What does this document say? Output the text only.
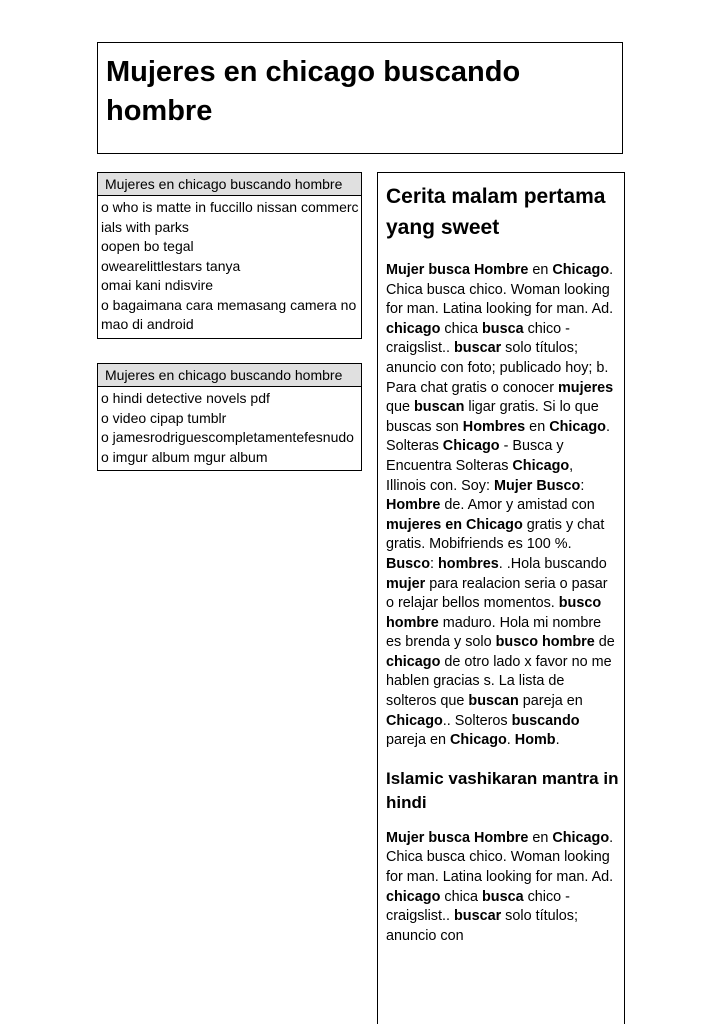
Mujeres en chicago buscando hombre
Mujeres en chicago buscando hombre
o who is matte in fuccillo nissan commercials with parks
oopen bo tegal
owearelittlestars tanya
omai kani ndisvire
o bagaimana cara memasang camera nomao di android
Mujeres en chicago buscando hombre
o hindi detective novels pdf
o video cipap tumblr
o jamesrodriguescompletamentefesnudo
o imgur album mgur album
Cerita malam pertama yang sweet

Mujer busca Hombre en Chicago. Chica busca chico. Woman looking for man. Latina looking for man. Ad. chicago chica busca chico - craigslist.. buscar solo títulos; anuncio con foto; publicado hoy; b. Para chat gratis o conocer mujeres que buscan ligar gratis. Si lo que buscas son Hombres en Chicago. Solteras Chicago - Busca y Encuentra Solteras Chicago, Illinois con. Soy: Mujer Busco: Hombre de. Amor y amistad con mujeres en Chicago gratis y chat gratis. Mobifriends es 100 %. Busco: hombres. .Hola buscando mujer para realacion seria o pasar o relajar bellos momentos. busco hombre maduro. Hola mi nombre es brenda y solo busco hombre de chicago de otro lado x favor no me hablen gracias s. La lista de solteros que buscan pareja en Chicago.. Solteros buscando pareja en Chicago. Homb.

Islamic vashikaran mantra in hindi

Mujer busca Hombre en Chicago. Chica busca chico. Woman looking for man. Latina looking for man. Ad. chicago chica busca chico - craigslist.. buscar solo títulos; anuncio con
